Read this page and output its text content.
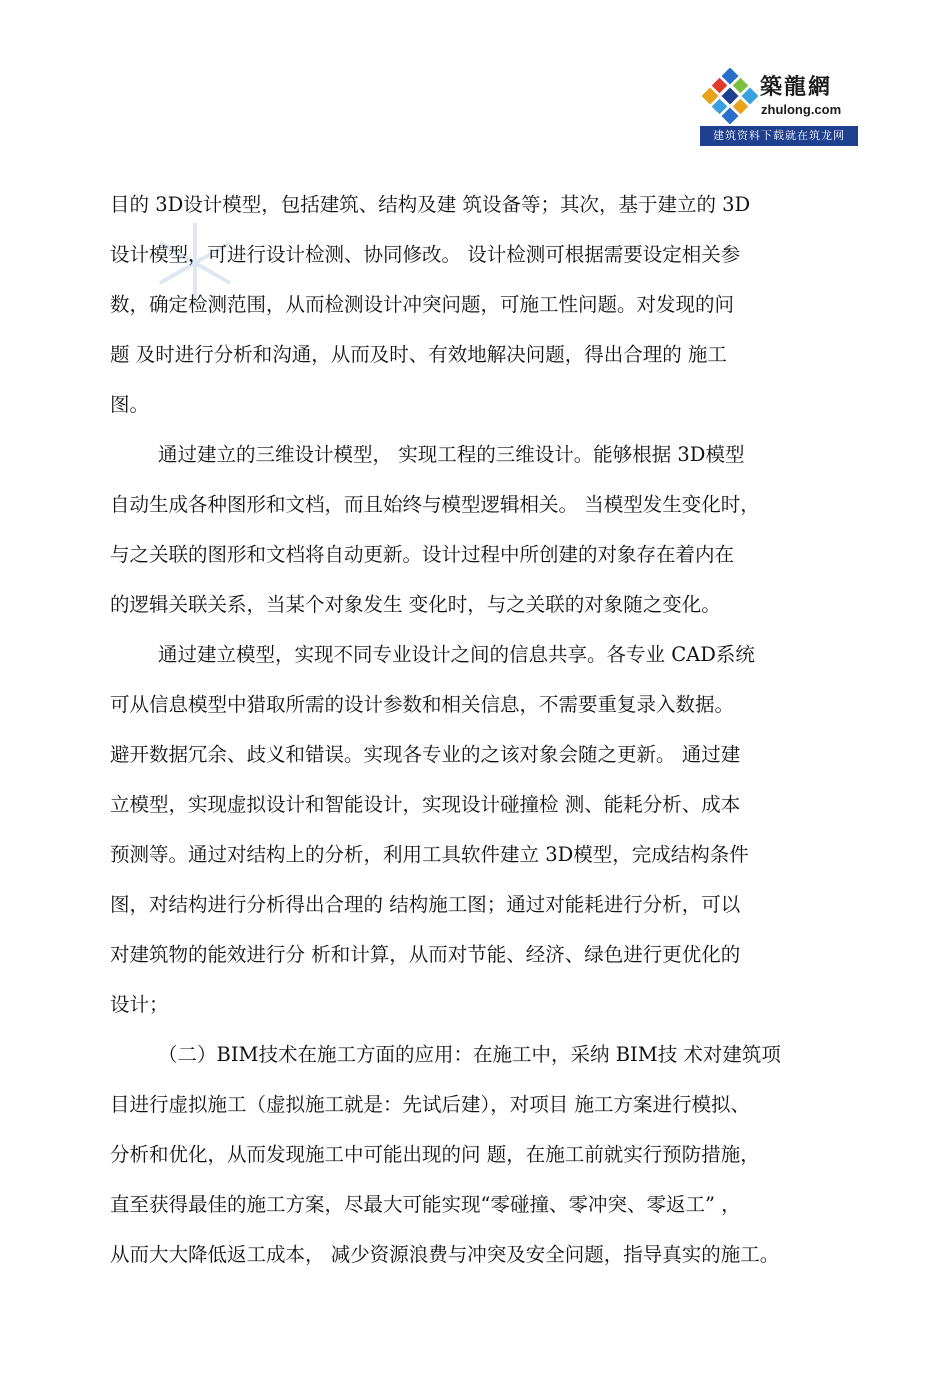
築龍網
zhulong.com
建筑资料下载就在筑龙网
目的 3D设计模型，包括建筑、结构及建 筑设备等；其次，基于建立的 3D
设计模型，可进行设计检测、协同修改。 设计检测可根据需要设定相关参
数，确定检测范围，从而检测设计冲突问题，可施工性问题。对发现的问
题 及时进行分析和沟通，从而及时、有效地解决问题，得出合理的 施工
图。
通过建立的三维设计模型， 实现工程的三维设计。能够根据 3D模型
自动生成各种图形和文档，而且始终与模型逻辑相关。 当模型发生变化时，
与之关联的图形和文档将自动更新。设计过程中所创建的对象存在着内在
的逻辑关联关系，当某个对象发生 变化时，与之关联的对象随之变化。
通过建立模型，实现不同专业设计之间的信息共享。各专业 CAD系统
可从信息模型中猎取所需的设计参数和相关信息，不需要重复录入数据。
避开数据冗余、歧义和错误。实现各专业的之该对象会随之更新。 通过建
立模型，实现虚拟设计和智能设计，实现设计碰撞检 测、能耗分析、成本
预测等。通过对结构上的分析，利用工具软件建立 3D模型，完成结构条件
图，对结构进行分析得出合理的 结构施工图；通过对能耗进行分析，可以
对建筑物的能效进行分 析和计算，从而对节能、经济、绿色进行更优化的
设计；
（二）BIM技术在施工方面的应用：在施工中，采纳 BIM技 术对建筑项
目进行虚拟施工（虚拟施工就是：先试后建），对项目 施工方案进行模拟、
分析和优化，从而发现施工中可能出现的问 题，在施工前就实行预防措施，
直至获得最佳的施工方案，尽最大可能实现“零碰撞、零冲突、零返工” ，
从而大大降低返工成本， 减少资源浪费与冲突及安全问题，指导真实的施工。
